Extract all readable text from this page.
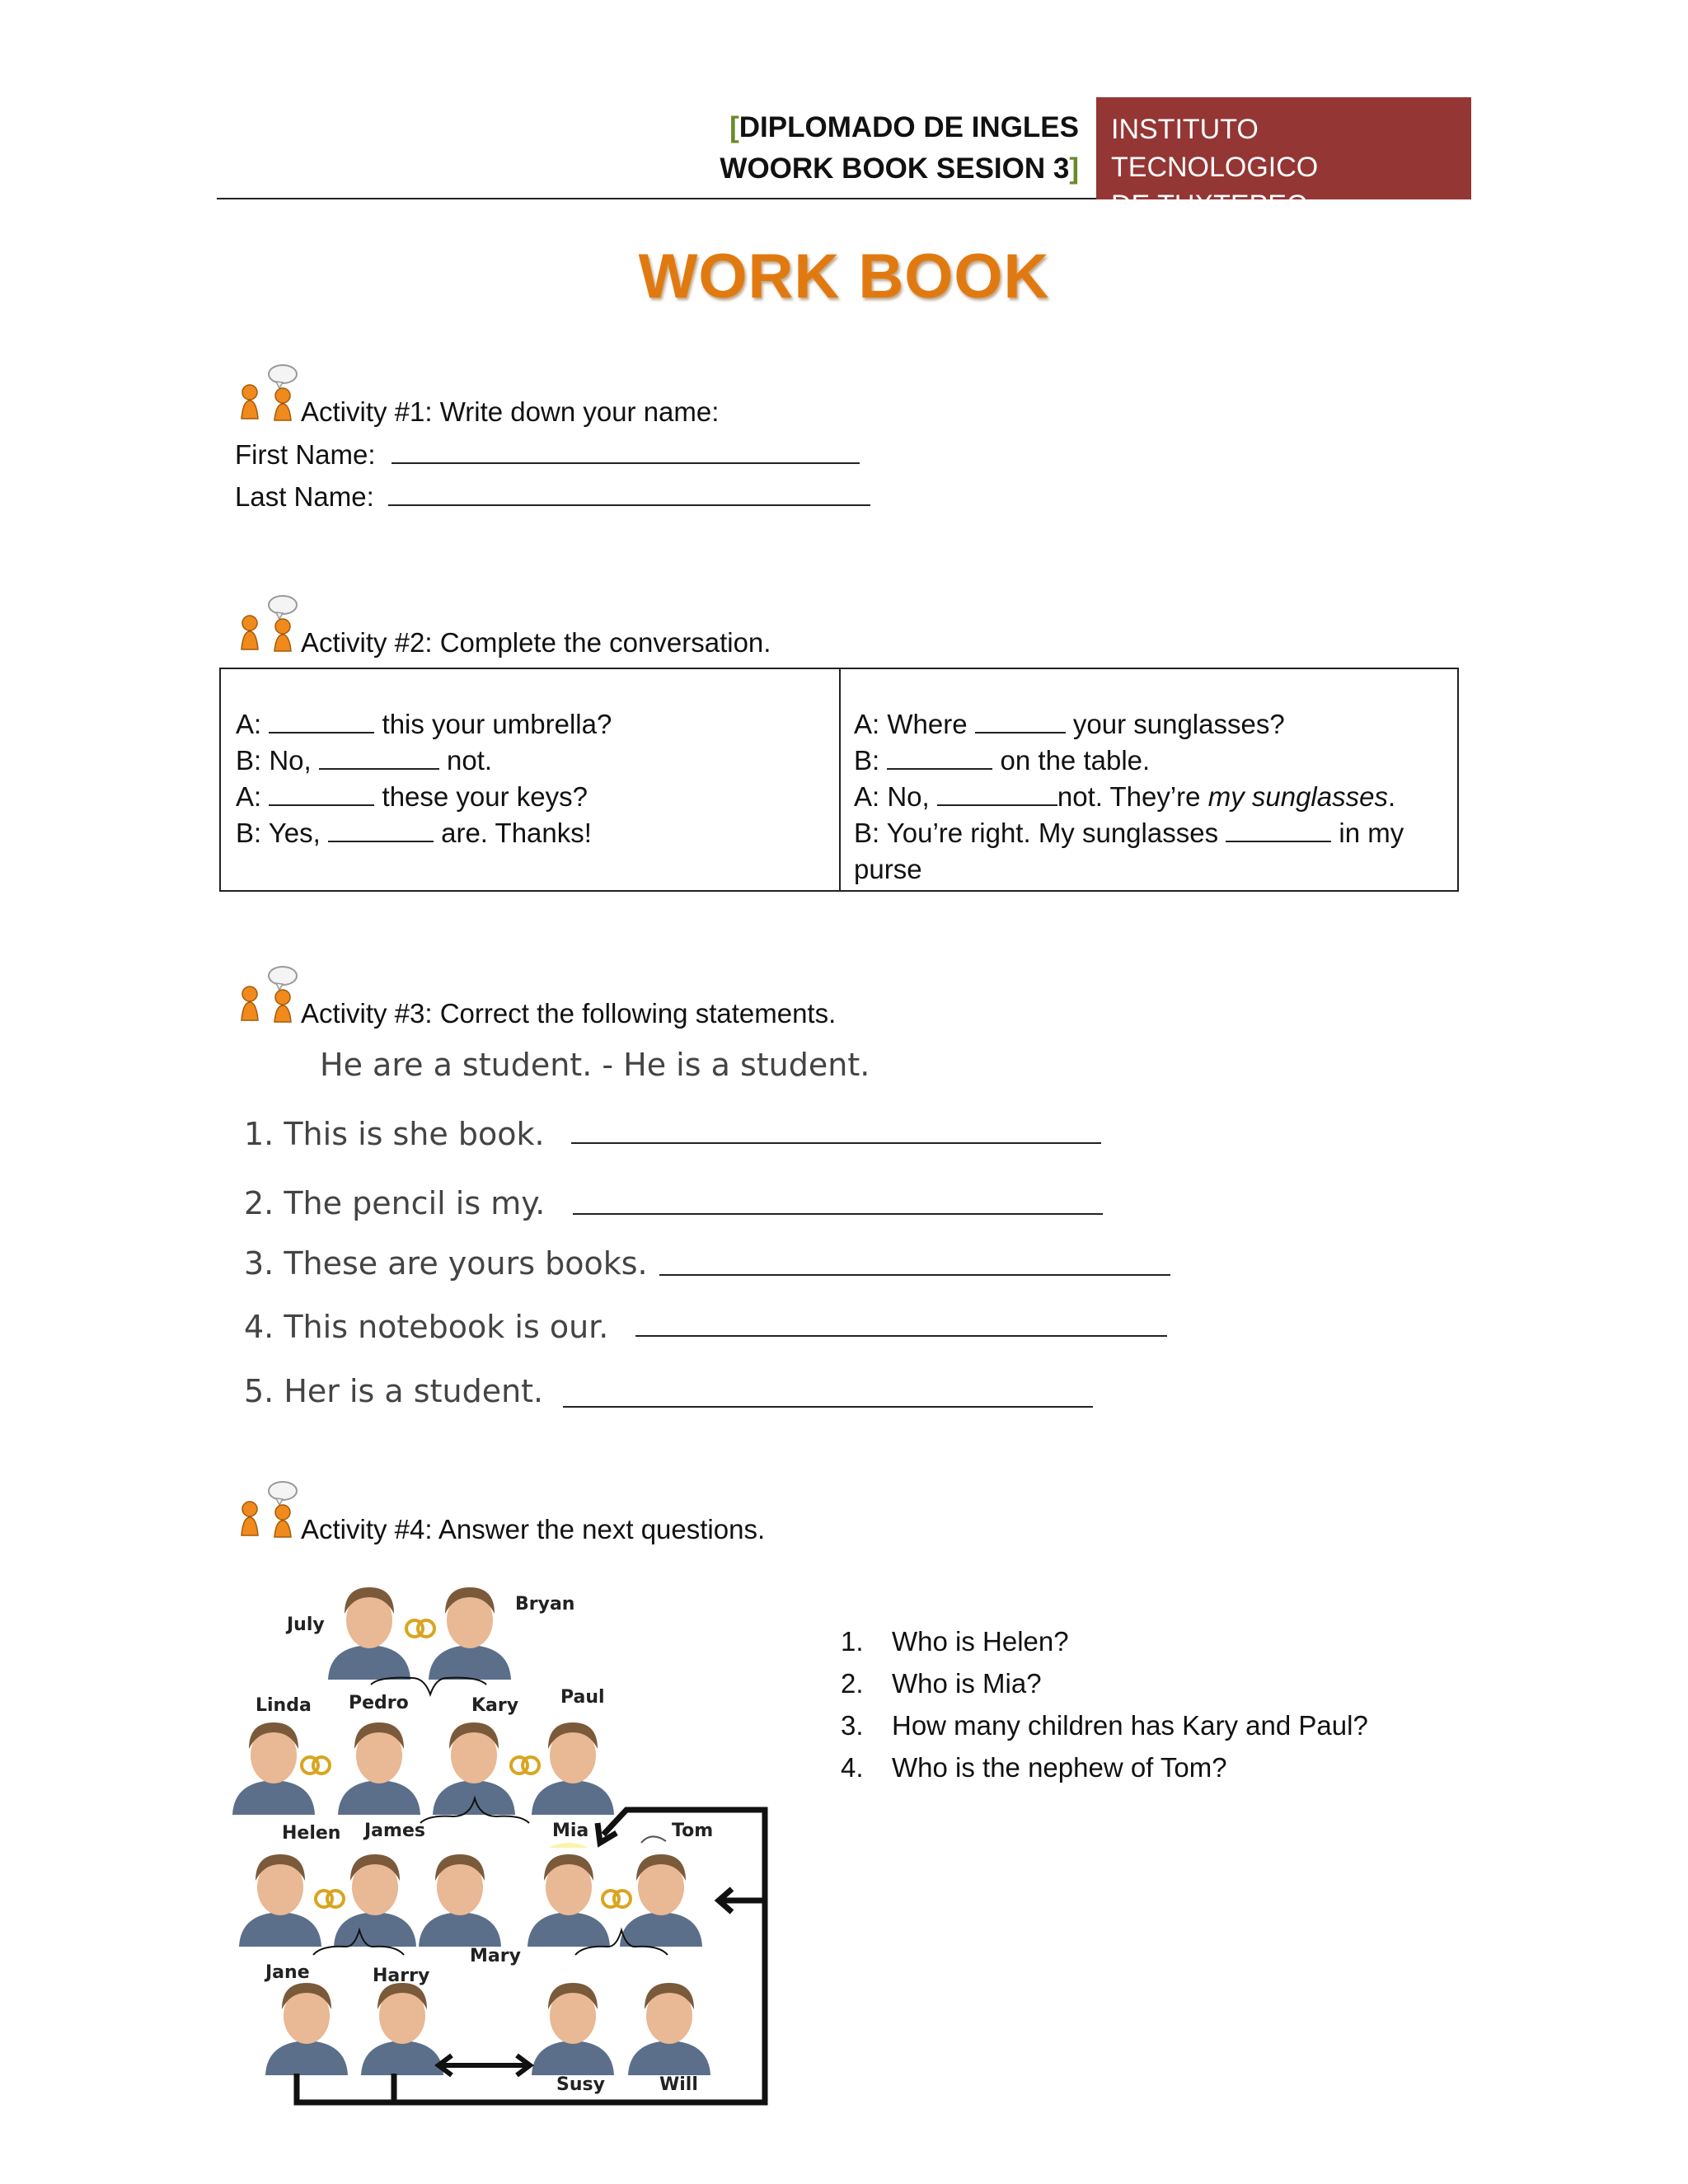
[DIPLOMADO DE INGLES
WOORK BOOK SESION 3]
INSTITUTO TECNOLOGICO
DE TUXTEPEC
WORK BOOK
Activity #1: Write down your name:
First Name:
Last Name:
Activity #2: Complete the conversation.
A:	this your umbrella?
B: No,	not.
A:	these your keys?
B: Yes,	are. Thanks!
A: Where	your sunglasses?
B:	on the table.
A: No,	not. They’re my sunglasses.
B: You’re right. My sunglasses	in my
purse
Activity #3: Correct the following statements.
He are a student. - He is a student.
1. This is she book.
2. The pencil is my.
3. These are yours books.
4. This notebook is our.
5. Her is a student.
Activity #4: Answer the next questions.
1. Who is Helen?
2. Who is Mia?
3. How many children has Kary and Paul?
4. Who is the nephew of Tom?
July
Bryan
Linda Pedro	Kary Paul
Helen James	Mia	Tom
Mary
Jane	Harry
Susy	Will
